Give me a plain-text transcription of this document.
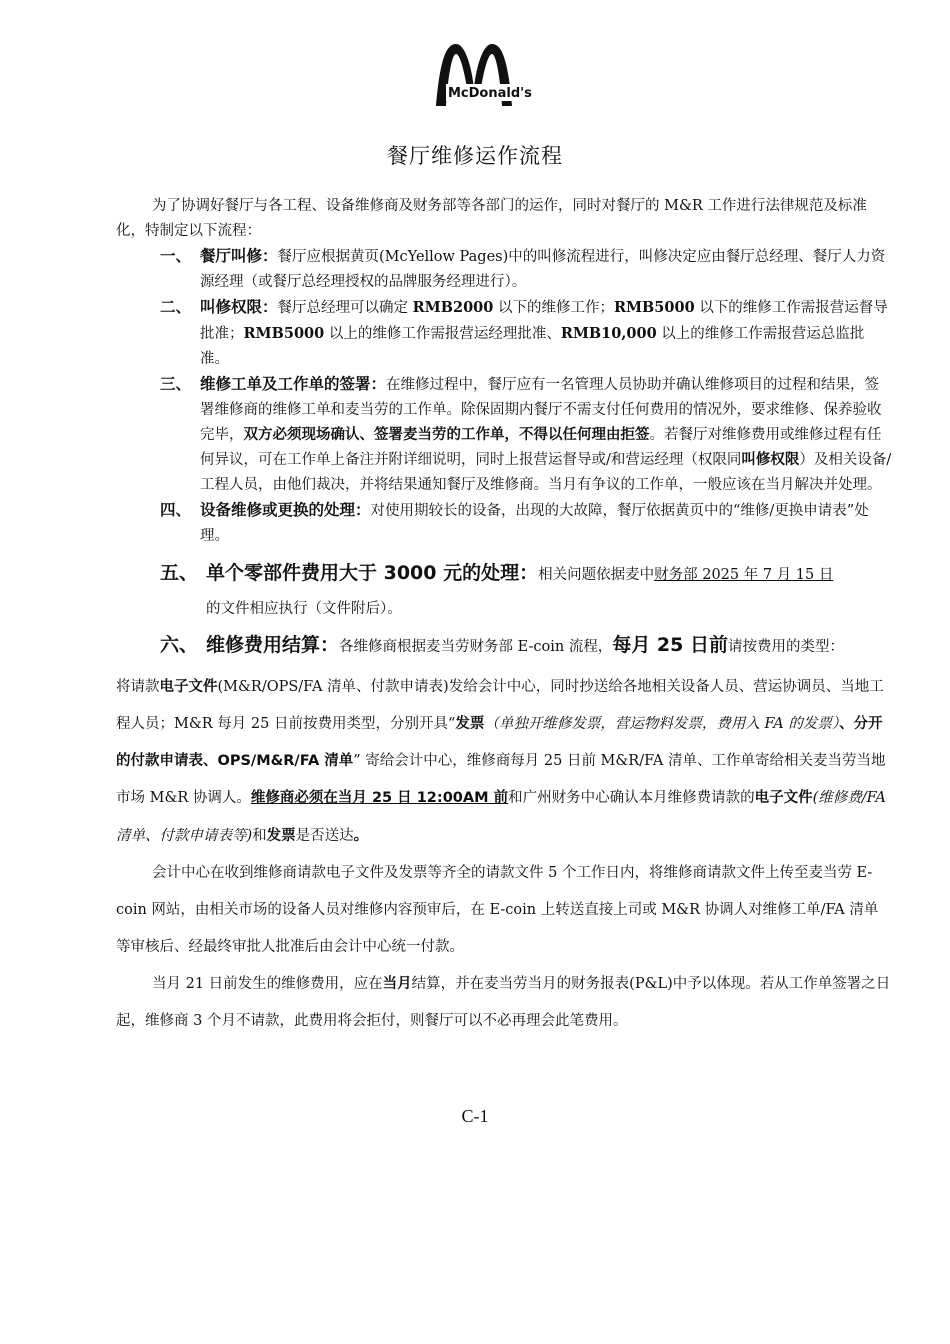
McDonald's
餐厅维修运作流程

为了协调好餐厅与各工程、设备维修商及财务部等各部门的运作，同时对餐厅的 M&R 工作进行法律规范及标准化，特制定以下流程：

一、 餐厅叫修：餐厅应根据黄页(McYellow Pages)中的叫修流程进行，叫修决定应由餐厅总经理、餐厅人力资源经理（或餐厅总经理授权的品牌服务经理进行）。

二、 叫修权限：餐厅总经理可以确定 RMB2000 以下的维修工作；RMB5000 以下的维修工作需报营运督导批准；RMB5000 以上的维修工作需报营运经理批准、RMB10,000 以上的维修工作需报营运总监批准。

三、 维修工单及工作单的签署：在维修过程中，餐厅应有一名管理人员协助并确认维修项目的过程和结果，签署维修商的维修工单和麦当劳的工作单。除保固期内餐厅不需支付任何费用的情况外，要求维修、保养验收完毕，双方必须现场确认、签署麦当劳的工作单，不得以任何理由拒签。若餐厅对维修费用或维修过程有任何异议，可在工作单上备注并附详细说明，同时上报营运督导或/和营运经理（权限同叫修权限）及相关设备/工程人员，由他们裁决，并将结果通知餐厅及维修商。当月有争议的工作单，一般应该在当月解决并处理。

四、 设备维修或更换的处理：对使用期较长的设备，出现的大故障，餐厅依据黄页中的“维修/更换申请表”处理。

五、 单个零部件费用大于 3000 元的处理：相关问题依据麦中财务部 2025 年 7 月 15 日

的文件相应执行（文件附后）。

六、 维修费用结算：各维修商根据麦当劳财务部 E-coin 流程，每月 25 日前请按费用的类型：

将请款电子文件(M&R/OPS/FA 清单、付款申请表)发给会计中心，同时抄送给各地相关设备人员、营运协调员、当地工程人员；M&R 每月 25 日前按费用类型，分别开具“发票（单独开维修发票，营运物料发票，费用入 FA 的发票）、分开的付款申请表、OPS/M&R/FA 清单” 寄给会计中心，维修商每月 25 日前 M&R/FA 清单、工作单寄给相关麦当劳当地市场 M&R 协调人。维修商必须在当月 25 日 12:00AM 前和广州财务中心确认本月维修费请款的电子文件(维修费/FA 清单、付款申请表等)和发票是否送达。

会计中心在收到维修商请款电子文件及发票等齐全的请款文件 5 个工作日内，将维修商请款文件上传至麦当劳 E-coin 网站，由相关市场的设备人员对维修内容预审后，在 E-coin 上转送直接上司或 M&R 协调人对维修工单/FA 清单等审核后、经最终审批人批准后由会计中心统一付款。

当月 21 日前发生的维修费用，应在当月结算，并在麦当劳当月的财务报表(P&L)中予以体现。若从工作单签署之日起，维修商 3 个月不请款，此费用将会拒付，则餐厅可以不必再理会此笔费用。

C-1
